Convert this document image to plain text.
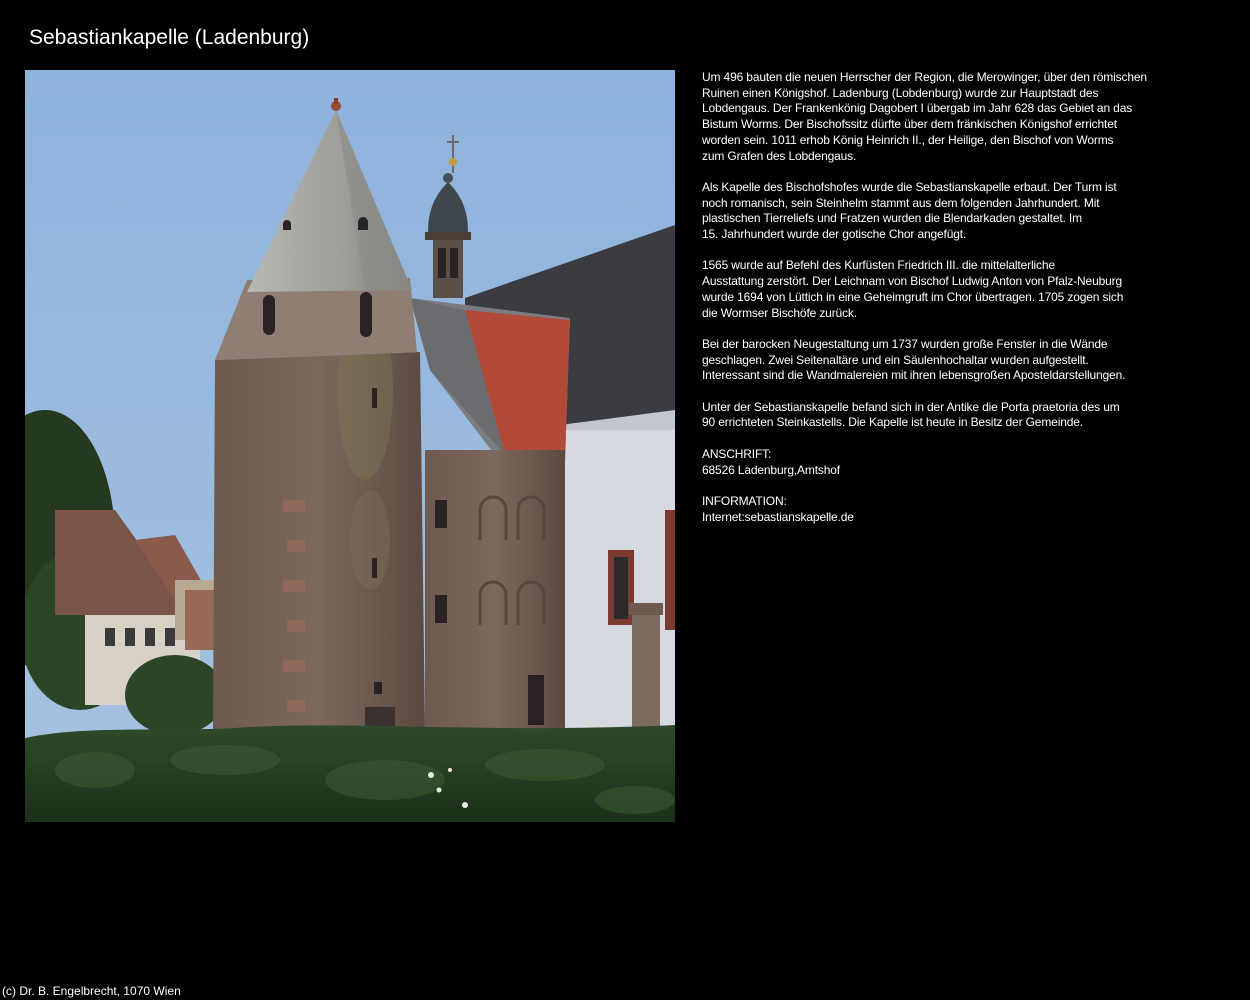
Sebastiankapelle (Ladenburg)

Um 496 bauten die neuen Herrscher der Region, die Merowinger, über den römischen
Ruinen einen Königshof. Ladenburg (Lobdenburg) wurde zur Hauptstadt des
Lobdengaus. Der Frankenkönig Dagobert I übergab im Jahr 628 das Gebiet an das
Bistum Worms. Der Bischofssitz dürfte über dem fränkischen Königshof errichtet
worden sein. 1011 erhob König Heinrich II., der Heilige, den Bischof von Worms
zum Grafen des Lobdengaus.

Als Kapelle des Bischofshofes wurde die Sebastianskapelle erbaut. Der Turm ist
noch romanisch, sein Steinhelm stammt aus dem folgenden Jahrhundert. Mit
plastischen Tierreliefs und Fratzen wurden die Blendarkaden gestaltet. Im
15. Jahrhundert wurde der gotische Chor angefügt.

1565 wurde auf Befehl des Kurfüsten Friedrich III. die mittelalterliche
Ausstattung zerstört. Der Leichnam von Bischof Ludwig Anton von Pfalz-Neuburg
wurde 1694 von Lüttich in eine Geheimgruft im Chor übertragen. 1705 zogen sich
die Wormser Bischöfe zurück.

Bei der barocken Neugestaltung um 1737 wurden große Fenster in die Wände
geschlagen. Zwei Seitenaltäre und ein Säulenhochaltar wurden aufgestellt.
Interessant sind die Wandmalereien mit ihren lebensgroßen Aposteldarstellungen.

Unter der Sebastianskapelle befand sich in der Antike die Porta praetoria des um
90 errichteten Steinkastells. Die Kapelle ist heute in Besitz der Gemeinde.

ANSCHRIFT:
68526 Ladenburg,Amtshof

INFORMATION:
Internet:sebastianskapelle.de

(c) Dr. B. Engelbrecht, 1070 Wien
